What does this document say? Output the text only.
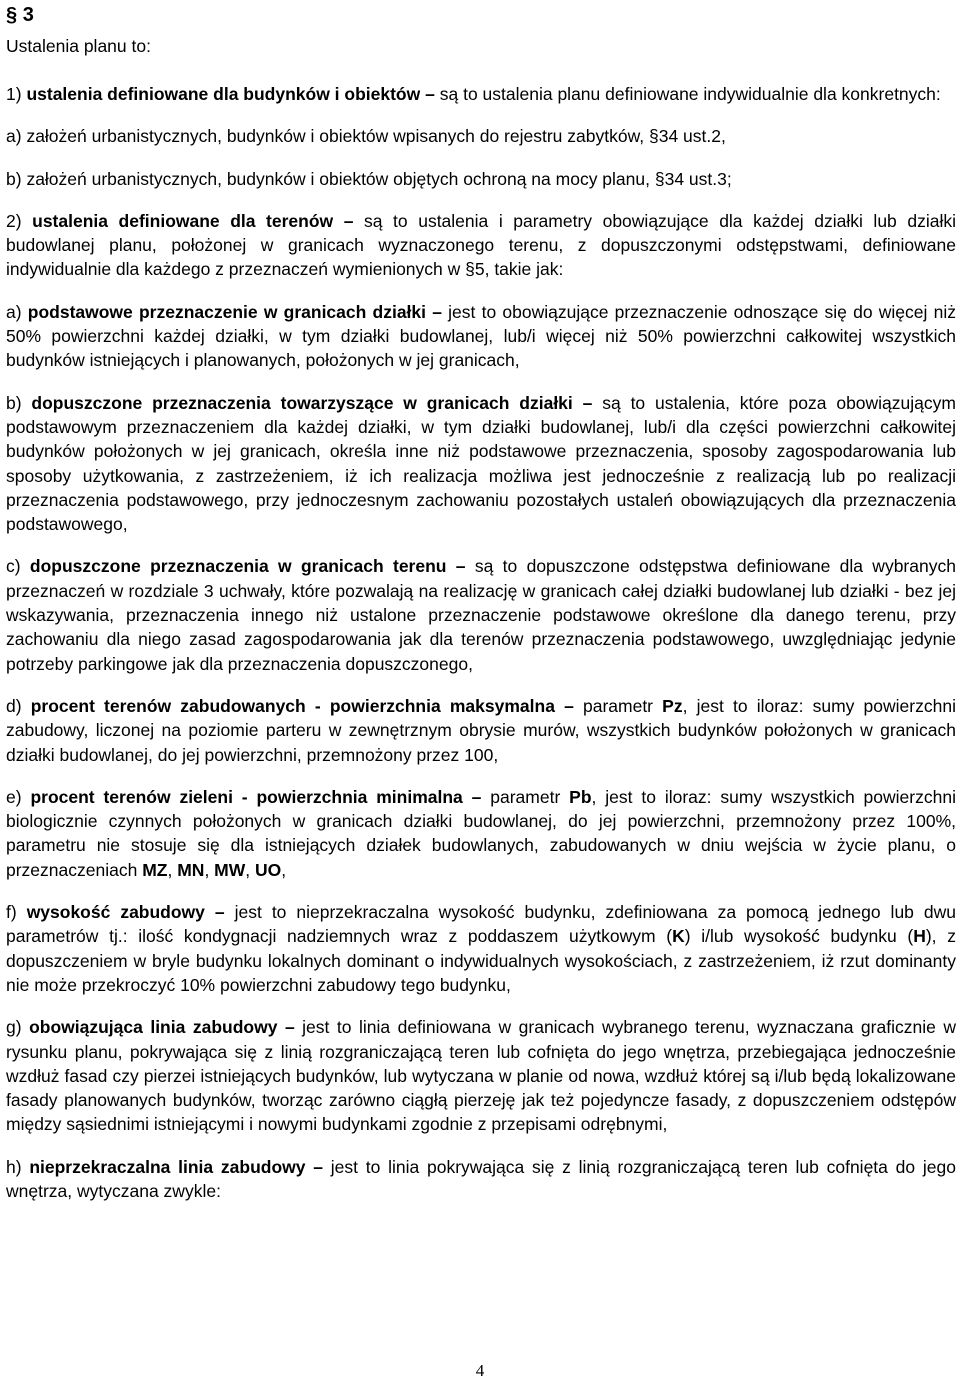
§ 3
Ustalenia planu to:

1) ustalenia definiowane dla budynków i obiektów – są to ustalenia planu definiowane indywidualnie dla konkretnych:

a) założeń urbanistycznych, budynków i obiektów wpisanych do rejestru zabytków, §34 ust.2,

b) założeń urbanistycznych, budynków i obiektów objętych ochroną na mocy planu, §34 ust.3;

2) ustalenia definiowane dla terenów – są to ustalenia i parametry obowiązujące dla każdej działki lub działki budowlanej planu, położonej w granicach wyznaczonego terenu, z dopuszczonymi odstępstwami, definiowane indywidualnie dla każdego z przeznaczeń wymienionych w §5, takie jak:

a) podstawowe przeznaczenie w granicach działki – jest to obowiązujące przeznaczenie odnoszące się do więcej niż 50% powierzchni każdej działki, w tym działki budowlanej, lub/i więcej niż 50% powierzchni całkowitej wszystkich budynków istniejących i planowanych, położonych w jej granicach,

b) dopuszczone przeznaczenia towarzyszące w granicach działki – są to ustalenia, które poza obowiązującym podstawowym przeznaczeniem dla każdej działki, w tym działki budowlanej, lub/i dla części powierzchni całkowitej budynków położonych w jej granicach, określa inne niż podstawowe przeznaczenia, sposoby zagospodarowania lub sposoby użytkowania, z zastrzeżeniem, iż ich realizacja możliwa jest jednocześnie z realizacją lub po realizacji przeznaczenia podstawowego, przy jednoczesnym zachowaniu pozostałych ustaleń obowiązujących dla przeznaczenia podstawowego,

c) dopuszczone przeznaczenia w granicach terenu – są to dopuszczone odstępstwa definiowane dla wybranych przeznaczeń w rozdziale 3 uchwały, które pozwalają na realizację w granicach całej działki budowlanej lub działki - bez jej wskazywania, przeznaczenia innego niż ustalone przeznaczenie podstawowe określone dla danego terenu, przy zachowaniu dla niego zasad zagospodarowania jak dla terenów przeznaczenia podstawowego, uwzględniając jedynie potrzeby parkingowe jak dla przeznaczenia dopuszczonego,

d) procent terenów zabudowanych - powierzchnia maksymalna – parametr Pz, jest to iloraz: sumy powierzchni zabudowy, liczonej na poziomie parteru w zewnętrznym obrysie murów, wszystkich budynków położonych w granicach działki budowlanej, do jej powierzchni, przemnożony przez 100,

e) procent terenów zieleni - powierzchnia minimalna – parametr Pb, jest to iloraz: sumy wszystkich powierzchni biologicznie czynnych położonych w granicach działki budowlanej, do jej powierzchni, przemnożony przez 100%, parametru nie stosuje się dla istniejących działek budowlanych, zabudowanych w dniu wejścia w życie planu, o przeznaczeniach MZ, MN, MW, UO,

f) wysokość zabudowy – jest to nieprzekraczalna wysokość budynku, zdefiniowana za pomocą jednego lub dwu parametrów tj.: ilość kondygnacji nadziemnych wraz z poddaszem użytkowym (K) i/lub wysokość budynku (H), z dopuszczeniem w bryle budynku lokalnych dominant o indywidualnych wysokościach, z zastrzeżeniem, iż rzut dominanty nie może przekroczyć 10% powierzchni zabudowy tego budynku,

g) obowiązująca linia zabudowy – jest to linia definiowana w granicach wybranego terenu, wyznaczana graficznie w rysunku planu, pokrywająca się z linią rozgraniczającą teren lub cofnięta do jego wnętrza, przebiegająca jednocześnie wzdłuż fasad czy pierzei istniejących budynków, lub wytyczana w planie od nowa, wzdłuż której są i/lub będą lokalizowane fasady planowanych budynków, tworząc zarówno ciągłą pierzeję jak też pojedyncze fasady, z dopuszczeniem odstępów między sąsiednimi istniejącymi i nowymi budynkami zgodnie z przepisami odrębnymi,

h) nieprzekraczalna linia zabudowy – jest to linia pokrywająca się z linią rozgraniczającą teren lub cofnięta do jego wnętrza, wytyczana zwykle:

4
